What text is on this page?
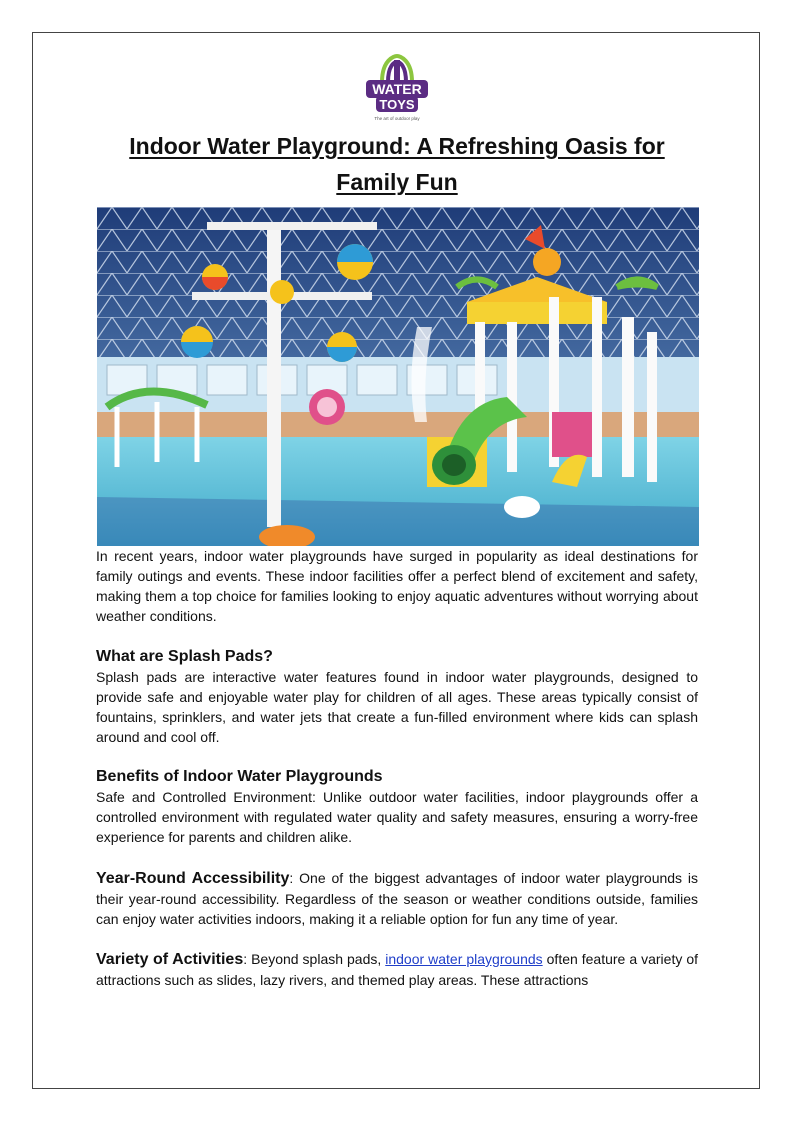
WATER
TOYS
The art of outdoor play
Indoor Water Playground: A Refreshing Oasis for Family Fun

In recent years, indoor water playgrounds have surged in popularity as ideal destinations for family outings and events. These indoor facilities offer a perfect blend of excitement and safety, making them a top choice for families looking to enjoy aquatic adventures without worrying about weather conditions.

What are Splash Pads?

Splash pads are interactive water features found in indoor water playgrounds, designed to provide safe and enjoyable water play for children of all ages. These areas typically consist of fountains, sprinklers, and water jets that create a fun-filled environment where kids can splash around and cool off.

Benefits of Indoor Water Playgrounds

Safe and Controlled Environment: Unlike outdoor water facilities, indoor playgrounds offer a controlled environment with regulated water quality and safety measures, ensuring a worry-free experience for parents and children alike.

Year-Round Accessibility: One of the biggest advantages of indoor water playgrounds is their year-round accessibility. Regardless of the season or weather conditions outside, families can enjoy water activities indoors, making it a reliable option for fun any time of year.

Variety of Activities: Beyond splash pads, indoor water playgrounds often feature a variety of attractions such as slides, lazy rivers, and themed play areas. These attractions
